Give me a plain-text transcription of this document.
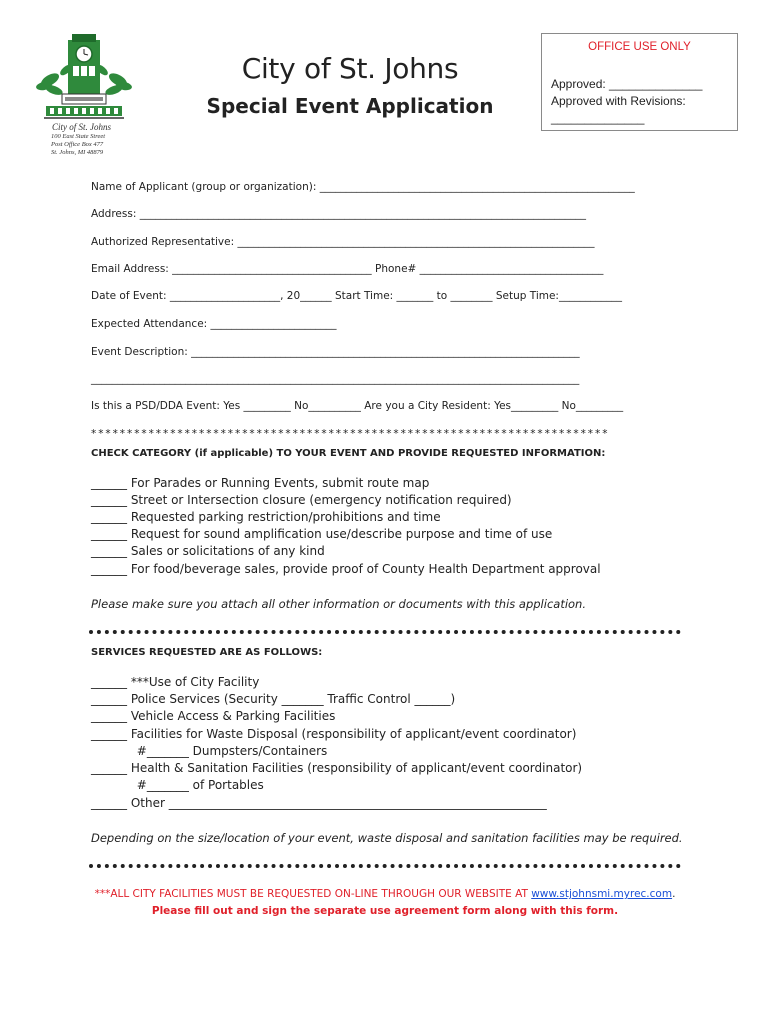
City of St. Johns
100 East State Street
Post Office Box 477
St. Johns, MI 48879
City of St. Johns
Special Event Application
OFFICE USE ONLY
Approved: ______________
Approved with Revisions:
______________
Name of Applicant (group or organization): ____________________________________________________________
Address: _____________________________________________________________________________________
Authorized Representative: ____________________________________________________________________
Email Address: ______________________________________ Phone# ___________________________________
Date of Event: _____________________, 20______ Start Time: _______ to ________ Setup Time:____________
Expected Attendance: ________________________
Event Description: __________________________________________________________________________
_____________________________________________________________________________________________
Is this a PSD/DDA Event: Yes _________ No__________ Are you a City Resident: Yes_________ No_________
************************************************************************
CHECK CATEGORY (if applicable) TO YOUR EVENT AND PROVIDE REQUESTED INFORMATION:
______ For Parades or Running Events, submit route map
______ Street or Intersection closure (emergency notification required)
______ Requested parking restriction/prohibitions and time
______ Request for sound amplification use/describe purpose and time of use
______ Sales or solicitations of any kind
______ For food/beverage sales, provide proof of County Health Department approval
Please make sure you attach all other information or documents with this application.
SERVICES REQUESTED ARE AS FOLLOWS:
______ ***Use of City Facility
______ Police Services (Security _______ Traffic Control ______)
______ Vehicle Access & Parking Facilities
______ Facilities for Waste Disposal (responsibility of applicant/event coordinator)
#_______ Dumpsters/Containers
______ Health & Sanitation Facilities (responsibility of applicant/event coordinator)
#_______ of Portables
______ Other _______________________________________________________________
Depending on the size/location of your event, waste disposal and sanitation facilities may be required.
***ALL CITY FACILITIES MUST BE REQUESTED ON-LINE THROUGH OUR WEBSITE AT www.stjohnsmi.myrec.com.
Please fill out and sign the separate use agreement form along with this form.
